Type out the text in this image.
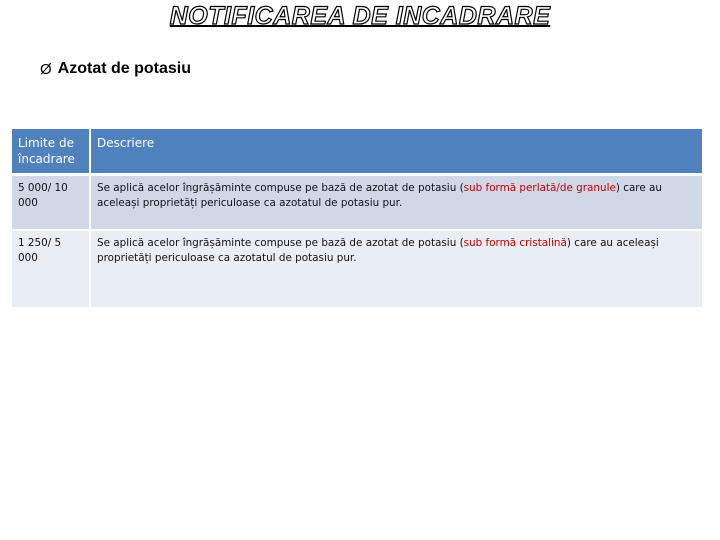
NOTIFICAREA DE INCADRARE
Ø Azotat de potasiu
Limite de încadrare	Descriere
5 000/ 10 000	Se aplică acelor îngrășăminte compuse pe bază de azotat de potasiu (sub formă perlată/de granule) care au aceleași proprietăți periculoase ca azotatul de potasiu pur.
1 250/ 5 000	Se aplică acelor îngrășăminte compuse pe bază de azotat de potasiu (sub formă cristalină) care au aceleași proprietăți periculoase ca azotatul de potasiu pur.
